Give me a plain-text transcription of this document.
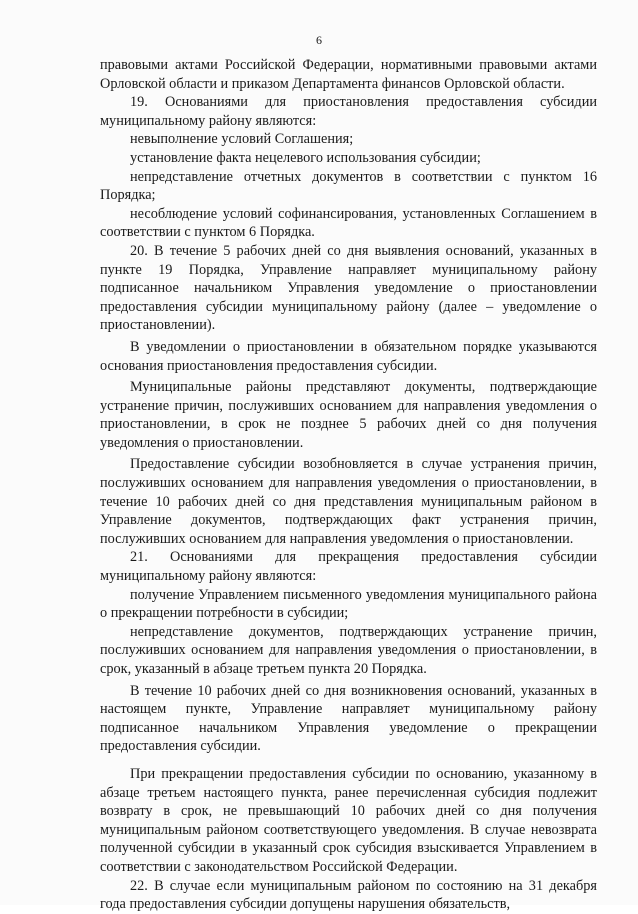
6

правовыми актами Российской Федерации, нормативными правовыми актами Орловской области и приказом Департамента финансов Орловской области.

19. Основаниями для приостановления предоставления субсидии муниципальному району являются:

невыполнение условий Соглашения;

установление факта нецелевого использования субсидии;

непредставление отчетных документов в соответствии с пунктом 16 Порядка;

несоблюдение условий софинансирования, установленных Соглашением в соответствии с пунктом 6 Порядка.

20. В течение 5 рабочих дней со дня выявления оснований, указанных в пункте 19 Порядка, Управление направляет муниципальному району подписанное начальником Управления уведомление о приостановлении предоставления субсидии муниципальному району (далее – уведомление о приостановлении).

В уведомлении о приостановлении в обязательном порядке указываются основания приостановления предоставления субсидии.

Муниципальные районы представляют документы, подтверждающие устранение причин, послуживших основанием для направления уведомления о приостановлении, в срок не позднее 5 рабочих дней со дня получения уведомления о приостановлении.

Предоставление субсидии возобновляется в случае устранения причин, послуживших основанием для направления уведомления о приостановлении, в течение 10 рабочих дней со дня представления муниципальным районом в Управление документов, подтверждающих факт устранения причин, послуживших основанием для направления уведомления о приостановлении.

21. Основаниями для прекращения предоставления субсидии муниципальному району являются:

получение Управлением письменного уведомления муниципального района о прекращении потребности в субсидии;

непредставление документов, подтверждающих устранение причин, послуживших основанием для направления уведомления о приостановлении, в срок, указанный в абзаце третьем пункта 20 Порядка.

В течение 10 рабочих дней со дня возникновения оснований, указанных в настоящем пункте, Управление направляет муниципальному району подписанное начальником Управления уведомление о прекращении предоставления субсидии.

При прекращении предоставления субсидии по основанию, указанному в абзаце третьем настоящего пункта, ранее перечисленная субсидия подлежит возврату в срок, не превышающий 10 рабочих дней со дня получения муниципальным районом соответствующего уведомления. В случае невозврата полученной субсидии в указанный срок субсидия взыскивается Управлением в соответствии с законодательством Российской Федерации.

22. В случае если муниципальным районом по состоянию на 31 декабря года предоставления субсидии допущены нарушения обязательств,
